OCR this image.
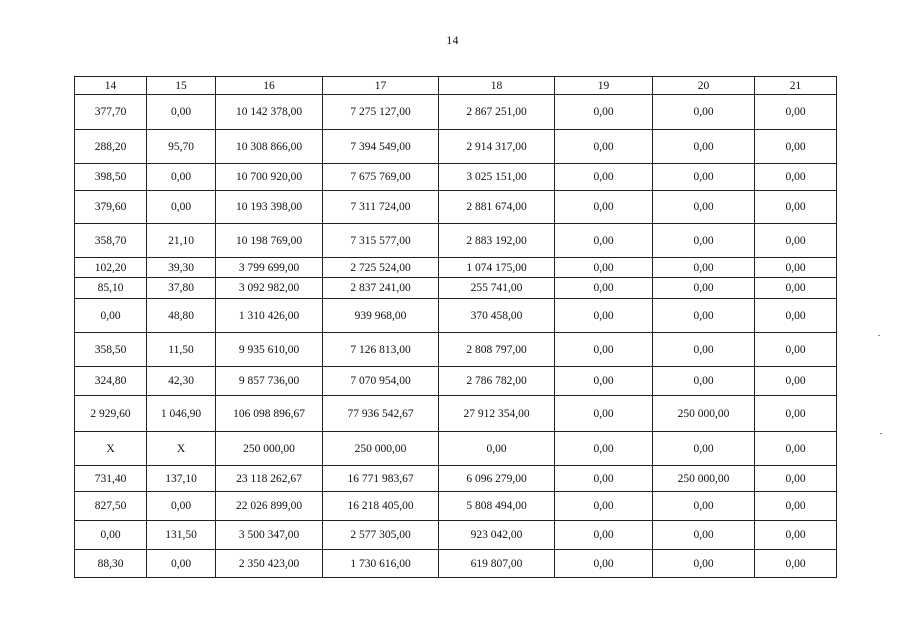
14
14	15	16	17	18	19	20	21
377,70	0,00	10 142 378,00	7 275 127,00	2 867 251,00	0,00	0,00	0,00
288,20	95,70	10 308 866,00	7 394 549,00	2 914 317,00	0,00	0,00	0,00
398,50	0,00	10 700 920,00	7 675 769,00	3 025 151,00	0,00	0,00	0,00
379,60	0,00	10 193 398,00	7 311 724,00	2 881 674,00	0,00	0,00	0,00
358,70	21,10	10 198 769,00	7 315 577,00	2 883 192,00	0,00	0,00	0,00
102,20	39,30	3 799 699,00	2 725 524,00	1 074 175,00	0,00	0,00	0,00
85,10	37,80	3 092 982,00	2 837 241,00	255 741,00	0,00	0,00	0,00
0,00	48,80	1 310 426,00	939 968,00	370 458,00	0,00	0,00	0,00
358,50	11,50	9 935 610,00	7 126 813,00	2 808 797,00	0,00	0,00	0,00
324,80	42,30	9 857 736,00	7 070 954,00	2 786 782,00	0,00	0,00	0,00
2 929,60	1 046,90	106 098 896,67	77 936 542,67	27 912 354,00	0,00	250 000,00	0,00
X	X	250 000,00	250 000,00	0,00	0,00	0,00	0,00
731,40	137,10	23 118 262,67	16 771 983,67	6 096 279,00	0,00	250 000,00	0,00
827,50	0,00	22 026 899,00	16 218 405,00	5 808 494,00	0,00	0,00	0,00
0,00	131,50	3 500 347,00	2 577 305,00	923 042,00	0,00	0,00	0,00
88,30	0,00	2 350 423,00	1 730 616,00	619 807,00	0,00	0,00	0,00
